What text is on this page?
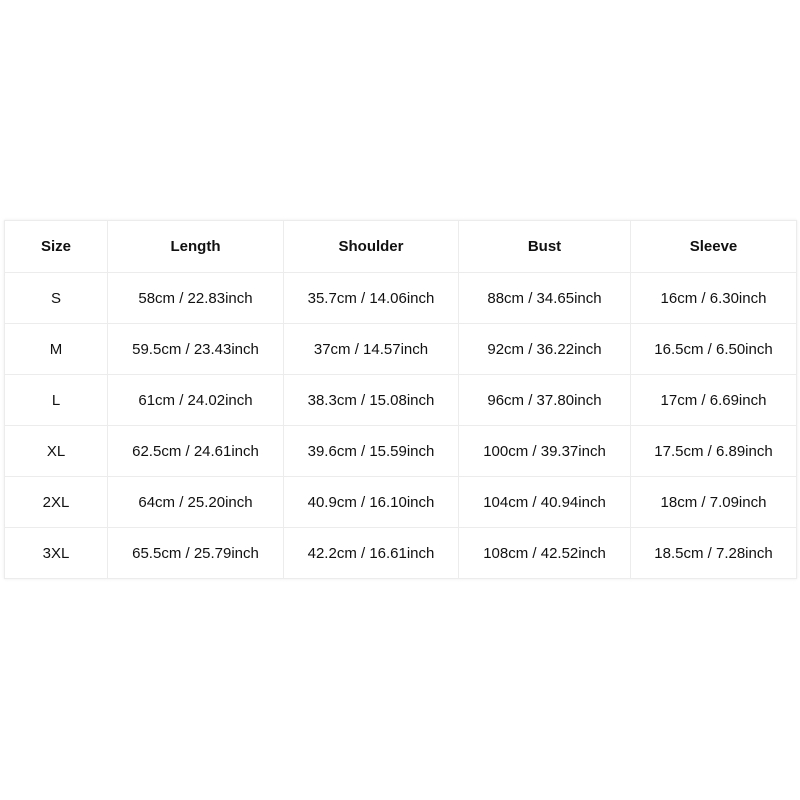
Size	Length	Shoulder	Bust	Sleeve
S	58cm / 22.83inch	35.7cm / 14.06inch	88cm / 34.65inch	16cm / 6.30inch
M	59.5cm / 23.43inch	37cm / 14.57inch	92cm / 36.22inch	16.5cm / 6.50inch
L	61cm / 24.02inch	38.3cm / 15.08inch	96cm / 37.80inch	17cm / 6.69inch
XL	62.5cm / 24.61inch	39.6cm / 15.59inch	100cm / 39.37inch	17.5cm / 6.89inch
2XL	64cm / 25.20inch	40.9cm / 16.10inch	104cm / 40.94inch	18cm / 7.09inch
3XL	65.5cm / 25.79inch	42.2cm / 16.61inch	108cm / 42.52inch	18.5cm / 7.28inch
